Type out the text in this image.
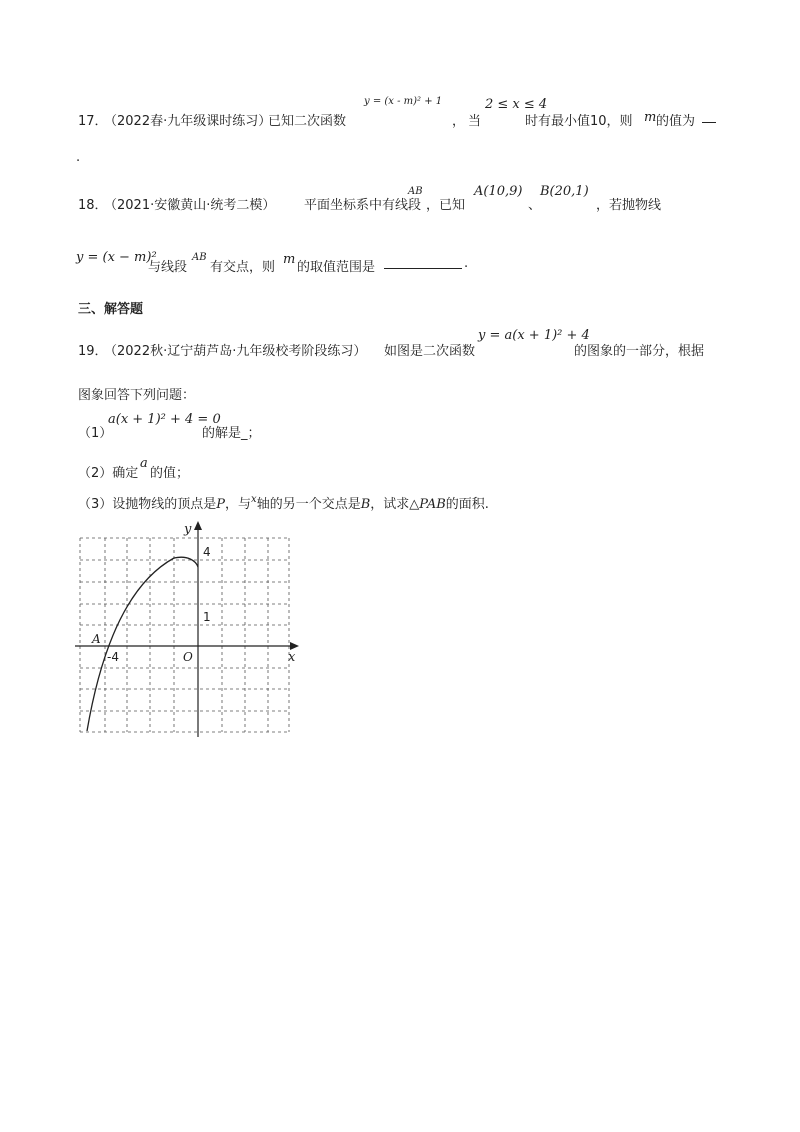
17．
（2022春·九年级课时练习）
已知二次函数
y = (x - m)² + 1
， 当
2 ≤ x ≤ 4
时有最小值10，则 m 的值为
.
18．
（2021·安徽黄山·统考二模） 平面坐标系中有线段
AB
，已知
A(10,9)
、
B(20,1)
，若抛物线
y = (x − m)²
与线段
AB
有交点，则
m
的取值范围是	.
三、解答题
19．
（2022秋·辽宁葫芦岛·九年级校考阶段练习） 如图是二次函数
y = a(x + 1)² + 4
的图象的一部分，根据
图象回答下列问题：
（1）
a(x + 1)² + 4 = 0
的解是_；
（2）确定
a
的值；
（3）设抛物线的顶点是P，与$^x$轴的另一个交点是B，试求△PAB的面积.
y
x
4
1
O
A
-4
